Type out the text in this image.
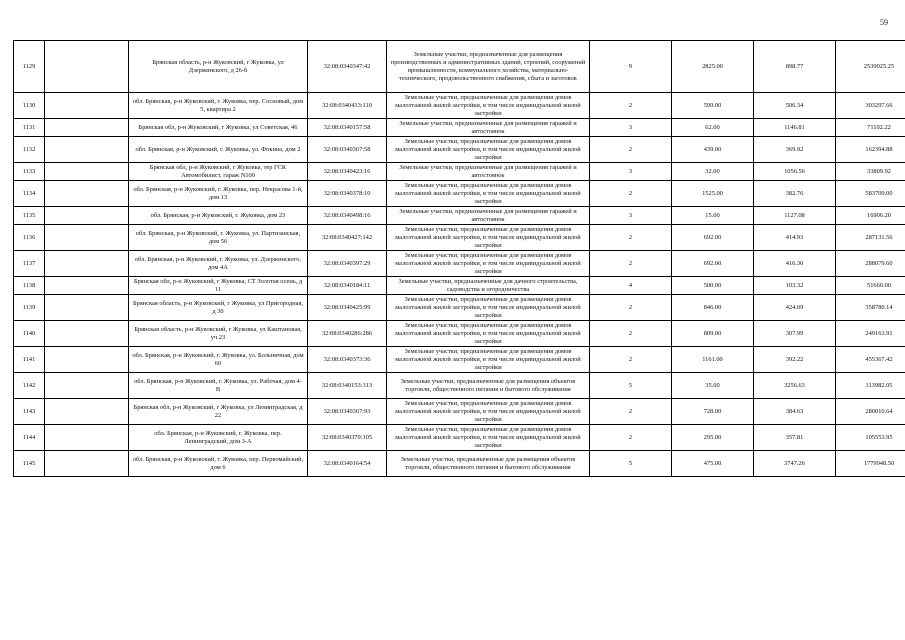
59
1129		Брянская область, р-н Жуковский, г Жуковка, ул Дзержинского, д 26-б	32:08:0340347:42	Земельные участки, предназначенные для размещения производственных и административных зданий, строений, сооружений промышленности, коммунального хозяйства, материально-технического, продовольственного снабжения, сбыта и заготовок	9	2825.00	898.77	2539025.25
1130		обл. Брянская, р-н Жуковский, г. Жуковка, пер. Сосновый, дом 5, квартира 2	32:08:0340433:110	Земельные участки, предназначенные для размещения домов малоэтажной жилой застройки, в том числе индивидуальной жилой застройки	2	599.00	506.34	303297.66
1131		Брянская обл, р-н Жуковский, г Жуковка, ул Советская, 46	32:08:0340157:58	Земельные участки, предназначенные для размещения гаражей и автостоянок	3	62.00	1146.81	71102.22
1132		обл. Брянская, р-н Жуковский, г. Жуковка, ул. Фокина, дом 2	32:08:0340367:58	Земельные участки, предназначенные для размещения домов малоэтажной жилой застройки, в том числе индивидуальной жилой застройки	2	439.00	369.92	162394.88
1133		Брянская обл, р-н Жуковский, г Жуковка, тер ГСК Автомобилист, гараж N100	32:08:0340423:16	Земельные участки, предназначенные для размещения гаражей и автостоянок	3	32.00	1056.56	33809.92
1134		обл. Брянская, р-н Жуковский, г. Жуковка, пер. Некрасова 1-й, дом 13	32:08:0340378:10	Земельные участки, предназначенные для размещения домов малоэтажной жилой застройки, в том числе индивидуальной жилой застройки	2	1525.00	382.76	583709.00
1135		обл. Брянская, р-н Жуковский, г. Жуковка, дом 23	32:08:0340498:16	Земельные участки, предназначенные для размещения гаражей и автостоянок	3	15.00	1127.08	16906.20
1136		обл. Брянская, р-н Жуковский, г. Жуковка, ул. Партизанская, дом 56	32:08:0340427:142	Земельные участки, предназначенные для размещения домов малоэтажной жилой застройки, в том числе индивидуальной жилой застройки	2	692.00	414.93	287131.56
1137		обл. Брянская, р-н Жуковский, г. Жуковка, ул. Дзержинского, дом 4А	32:08:0340397:29	Земельные участки, предназначенные для размещения домов малоэтажной жилой застройки, в том числе индивидуальной жилой застройки	2	692.00	416.30	288079.60
1138		Брянская обл, р-н Жуковский, г Жуковка, СТ Золотая осень, д 11	32:08:0340184:11	Земельные участки, предназначенные для дачного строительства, садоводства и огородничества	4	500.00	103.32	51660.00
1139		Брянская область, р-н Жуковский, г Жуковка, ул Пригородная, д 30	32:08:0340425:99	Земельные участки, предназначенные для размещения домов малоэтажной жилой застройки, в том числе индивидуальной жилой застройки	2	846.00	424.09	358780.14
1140		Брянская область, р-н Жуковский, г Жуковка, ул Каштановая, уч 23	32:08:0340286:286	Земельные участки, предназначенные для размещения домов малоэтажной жилой застройки, в том числе индивидуальной жилой застройки	2	809.00	307.99	249163.91
1141		обл. Брянская, р-н Жуковский, г. Жуковка, ул. Больничная, дом 60	32:08:0340373:36	Земельные участки, предназначенные для размещения домов малоэтажной жилой застройки, в том числе индивидуальной жилой застройки	2	1161.00	392.22	455367.42
1142		обл. Брянская, р-н Жуковский, г. Жуковка, ул. Рабочая, дом 4-В	32:08:0340153:313	Земельные участки, предназначенные для размещения объектов торговли, общественного питания и бытового обслуживания	5	35.00	3256.63	113982.05
1143		Брянская обл, р-н Жуковский, г Жуковка, ул Ленинградская, д 22	32:08:0340367:93	Земельные участки, предназначенные для размещения домов малоэтажной жилой застройки, в том числе индивидуальной жилой застройки	2	728.00	384.63	280010.64
1144		обл. Брянская, р-н Жуковский, г. Жуковка, пер. Ленинградский, дом 3-А	32:08:0340370:105	Земельные участки, предназначенные для размещения домов малоэтажной жилой застройки, в том числе индивидуальной жилой застройки	2	295.00	357.81	105553.95
1145		обл. Брянская, р-н Жуковский, г. Жуковка, пер. Первомайский, дом 6	32:08:0340164:54	Земельные участки, предназначенные для размещения объектов торговли, общественного питания и бытового обслуживания	5	475.00	3747.26	1779948.50
